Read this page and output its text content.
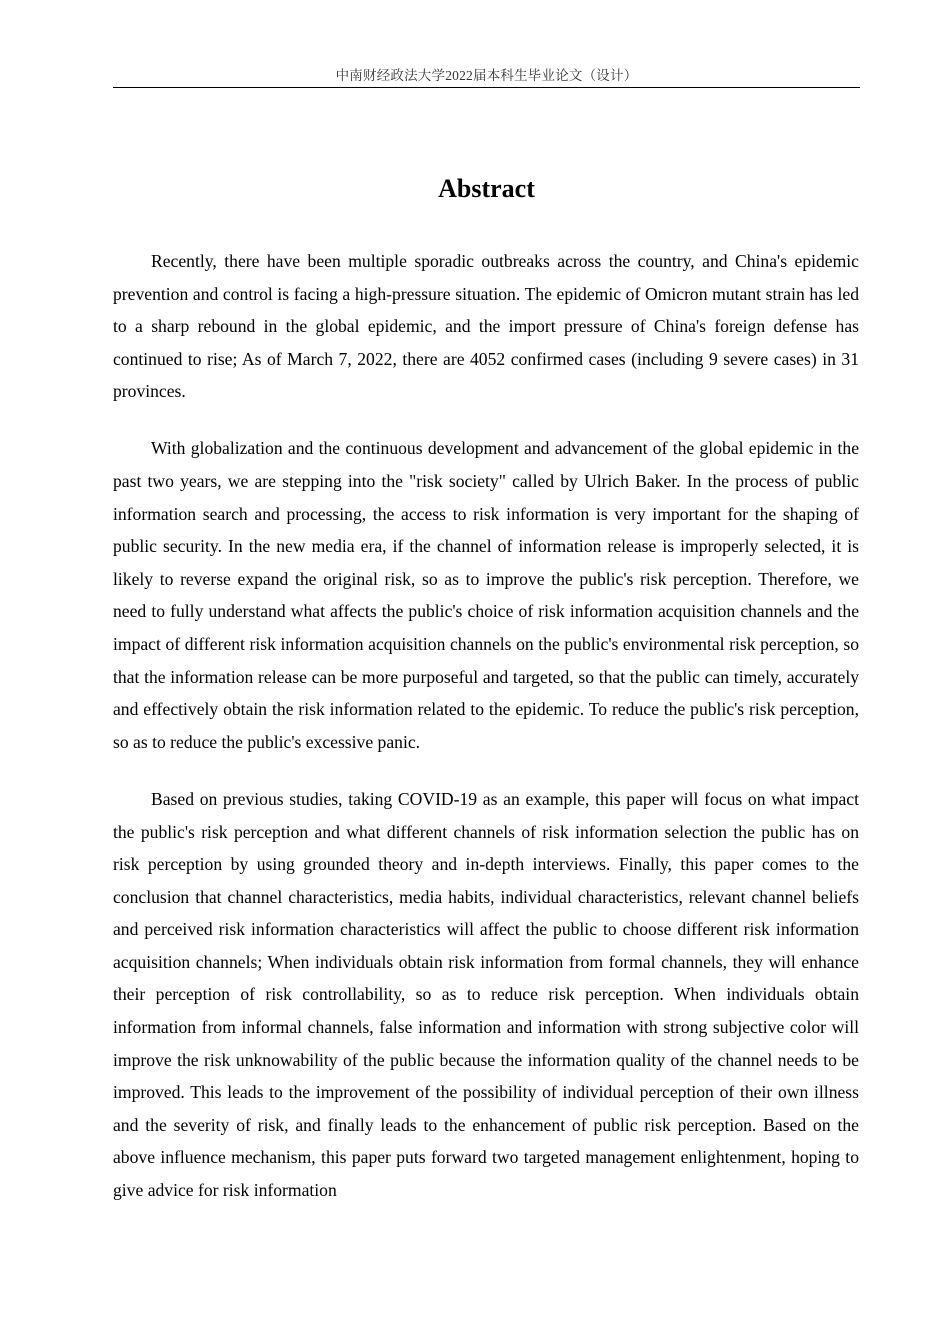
中南财经政法大学2022届本科生毕业论文（设计）
Abstract

Recently, there have been multiple sporadic outbreaks across the country, and China's epidemic prevention and control is facing a high-pressure situation. The epidemic of Omicron mutant strain has led to a sharp rebound in the global epidemic, and the import pressure of China's foreign defense has continued to rise; As of March 7, 2022, there are 4052 confirmed cases (including 9 severe cases) in 31 provinces.

With globalization and the continuous development and advancement of the global epidemic in the past two years, we are stepping into the "risk society" called by Ulrich Baker. In the process of public information search and processing, the access to risk information is very important for the shaping of public security. In the new media era, if the channel of information release is improperly selected, it is likely to reverse expand the original risk, so as to improve the public's risk perception. Therefore, we need to fully understand what affects the public's choice of risk information acquisition channels and the impact of different risk information acquisition channels on the public's environmental risk perception, so that the information release can be more purposeful and targeted, so that the public can timely, accurately and effectively obtain the risk information related to the epidemic. To reduce the public's risk perception, so as to reduce the public's excessive panic.

Based on previous studies, taking COVID-19 as an example, this paper will focus on what impact the public's risk perception and what different channels of risk information selection the public has on risk perception by using grounded theory and in-depth interviews. Finally, this paper comes to the conclusion that channel characteristics, media habits, individual characteristics, relevant channel beliefs and perceived risk information characteristics will affect the public to choose different risk information acquisition channels; When individuals obtain risk information from formal channels, they will enhance their perception of risk controllability, so as to reduce risk perception. When individuals obtain information from informal channels, false information and information with strong subjective color will improve the risk unknowability of the public because the information quality of the channel needs to be improved. This leads to the improvement of the possibility of individual perception of their own illness and the severity of risk, and finally leads to the enhancement of public risk perception. Based on the above influence mechanism, this paper puts forward two targeted management enlightenment, hoping to give advice for risk information
